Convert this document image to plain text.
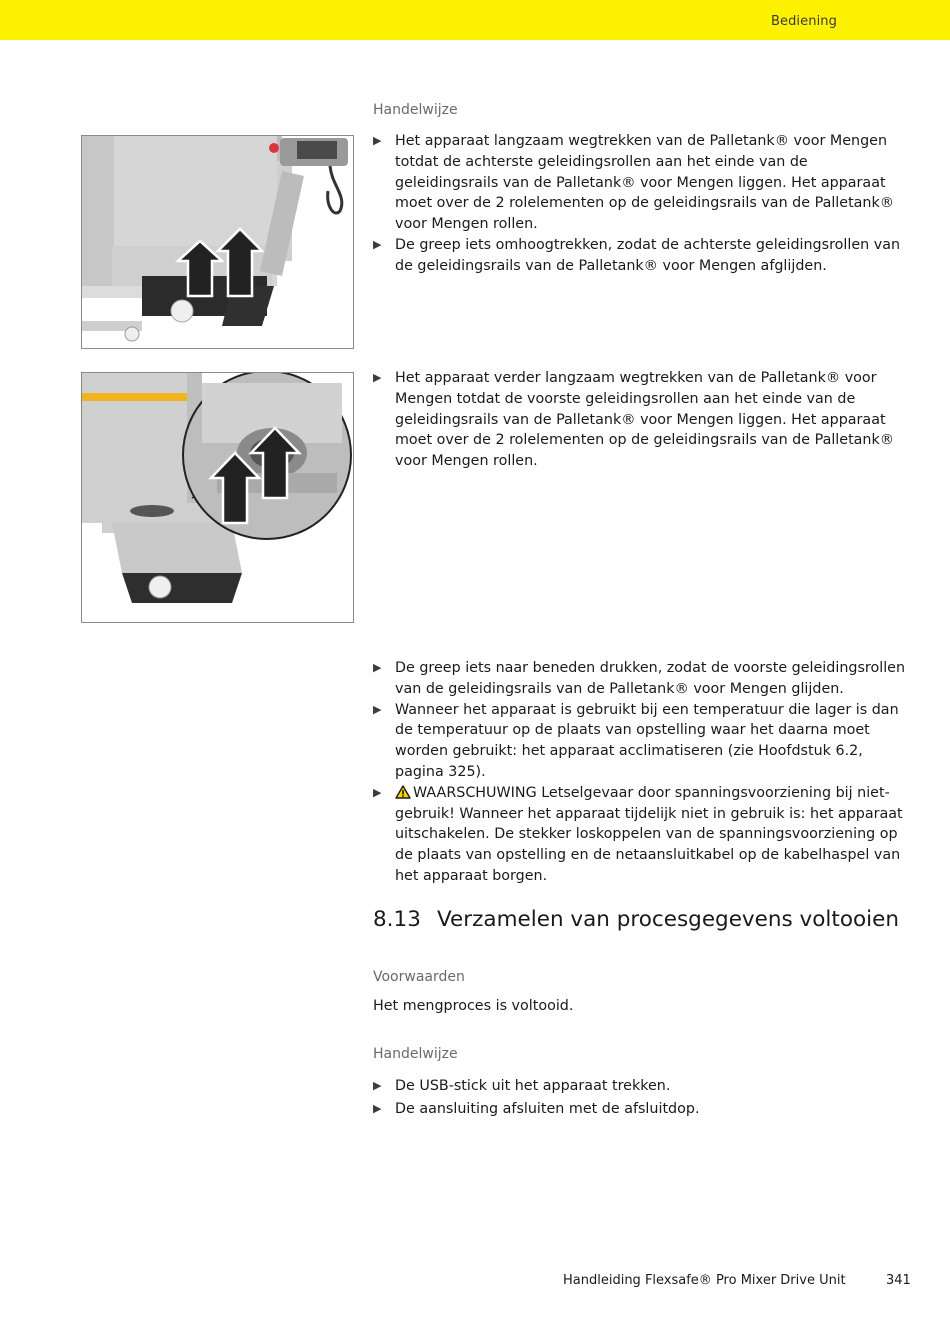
Bediening
Handelwijze
▶ Het apparaat langzaam wegtrekken van de Palletank® voor Mengen totdat de achterste geleidingsrollen aan het einde van de geleidingsrails van de Palletank® voor Mengen liggen. Het apparaat moet over de 2 rolelementen op de geleidingsrails van de Palletank® voor Mengen rollen.
▶ De greep iets omhoogtrekken, zodat de achterste geleidingsrollen van de geleidingsrails van de Palletank® voor Mengen afglijden.
▶ Het apparaat verder langzaam wegtrekken van de Palletank® voor Mengen totdat de voorste geleidingsrollen aan het einde van de geleidingsrails van de Palletank® voor Mengen liggen. Het apparaat moet over de 2 rolelementen op de geleidingsrails van de Palletank® voor Mengen rollen.
▶ De greep iets naar beneden drukken, zodat de voorste geleidingsrollen van de geleidingsrails van de Palletank® voor Mengen glijden.
▶ Wanneer het apparaat is gebruikt bij een temperatuur die lager is dan de temperatuur op de plaats van opstelling waar het daarna moet worden gebruikt: het apparaat acclimatiseren (zie Hoofdstuk 6.2, pagina 325).
▶ WAARSCHUWING Letselgevaar door spanningsvoorziening bij niet-gebruik! Wanneer het apparaat tijdelijk niet in gebruik is: het apparaat uitschakelen. De stekker loskoppelen van de spanningsvoorziening op de plaats van opstelling en de netaansluitkabel op de kabelhaspel van het apparaat borgen.
8.13 Verzamelen van procesgegevens voltooien
Voorwaarden
Het mengproces is voltooid.
Handelwijze
▶ De USB-stick uit het apparaat trekken.
▶ De aansluiting afsluiten met de afsluitdop.
Handleiding Flexsafe® Pro Mixer Drive Unit	341
